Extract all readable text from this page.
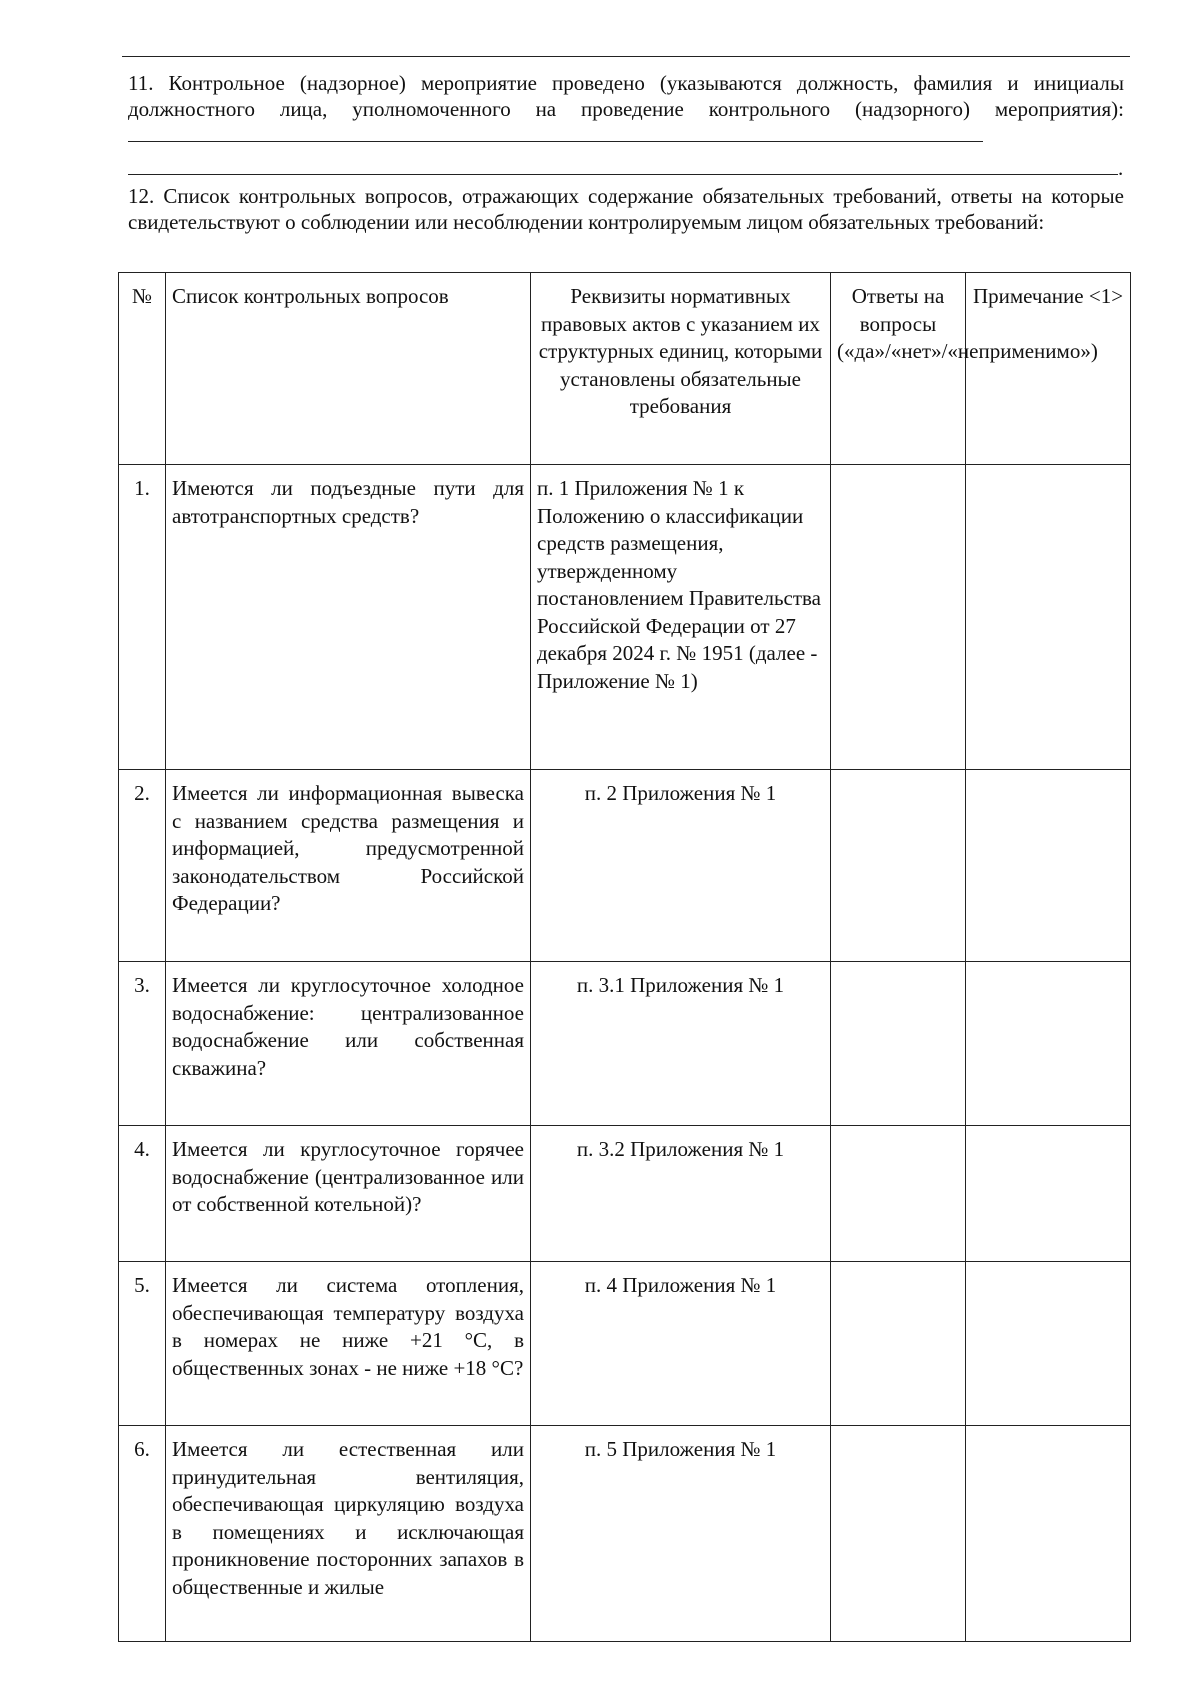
11. Контрольное (надзорное) мероприятие проведено (указываются должность, фамилия и инициалы должностного лица, уполномоченного на проведение контрольного (надзорного) мероприятия):
.
12. Список контрольных вопросов, отражающих содержание обязательных требований, ответы на которые свидетельствуют о соблюдении или несоблюдении контролируемым лицом обязательных требований:
№	Список контрольных вопросов	Реквизиты нормативных правовых актов с указанием их структурных единиц, которыми установлены обязательные требования	Ответы на вопросы («да»/«нет»/«неприменимо»)	Примечание <1>
1.	Имеются ли подъездные пути для автотранспортных средств?	п. 1 Приложения № 1 к Положению о классификации средств размещения, утвержденному постановлением Правительства Российской Федерации от 27 декабря 2024 г. № 1951 (далее - Приложение № 1)		
2.	Имеется ли информационная вывеска с названием средства размещения и информацией, предусмотренной законодательством Российской Федерации?	п. 2 Приложения № 1		
3.	Имеется ли круглосуточное холодное водоснабжение: централизованное водоснабжение или собственная скважина?	п. 3.1 Приложения № 1		
4.	Имеется ли круглосуточное горячее водоснабжение (централизованное или от собственной котельной)?	п. 3.2 Приложения № 1		
5.	Имеется ли система отопления, обеспечивающая температуру воздуха в номерах не ниже +21 °С, в общественных зонах - не ниже +18 °С?	п. 4 Приложения № 1		
6.	Имеется ли естественная или принудительная вентиляция, обеспечивающая циркуляцию воздуха в помещениях и исключающая проникновение посторонних запахов в общественные и жилые	п. 5 Приложения № 1		
